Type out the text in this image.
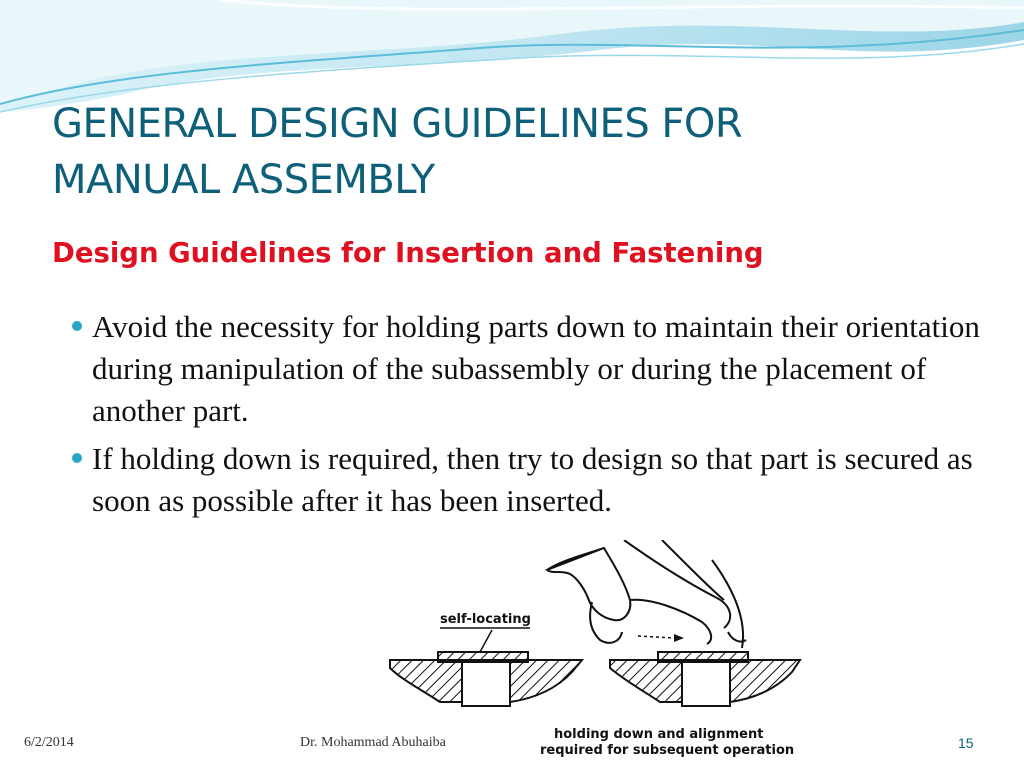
GENERAL DESIGN GUIDELINES FOR
MANUAL ASSEMBLY
Design Guidelines for Insertion and Fastening
Avoid the necessity for holding parts down to maintain their orientation during manipulation of the subassembly or during the placement of another part.
If holding down is required, then try to design so that part is secured as soon as possible after it has been inserted.
self-locating
holding down and alignment
required for subsequent operation
6/2/2014	Dr. Mohammad Abuhaiba	15
